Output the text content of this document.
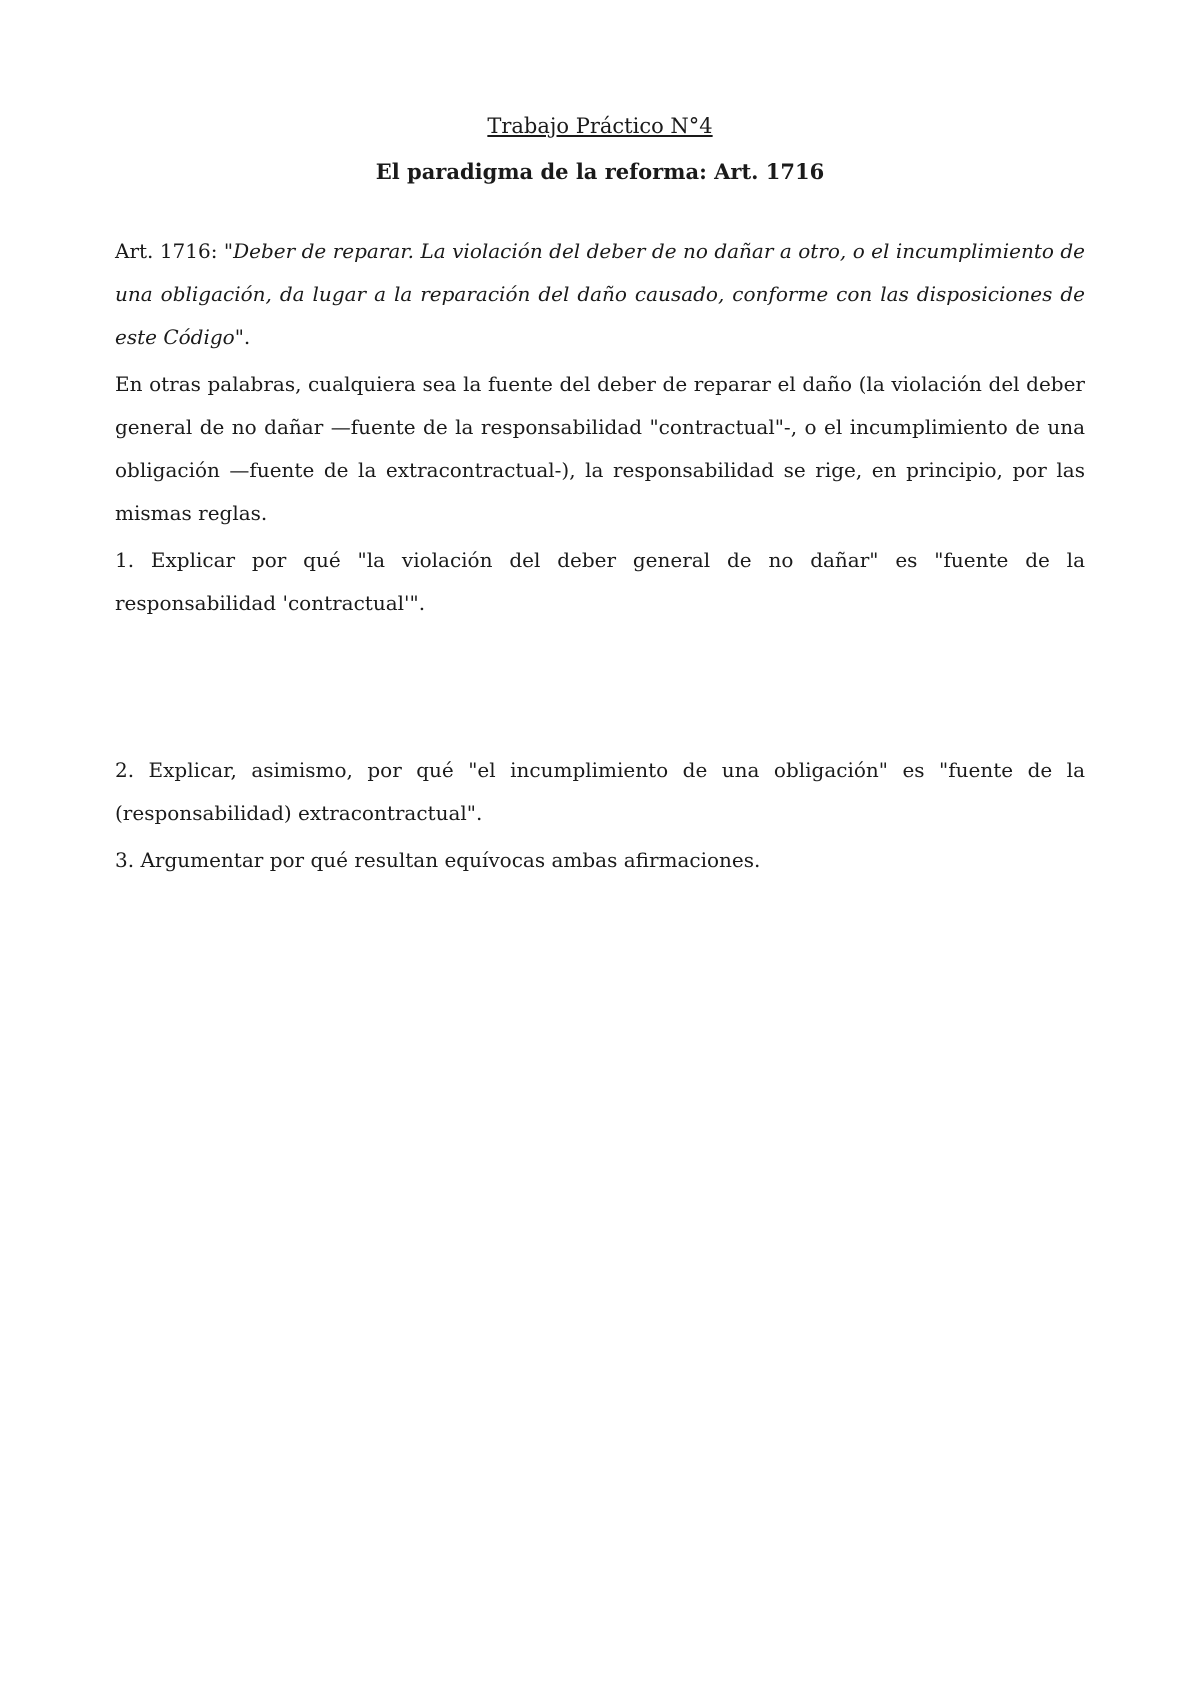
Trabajo Práctico N°4
El paradigma de la reforma: Art. 1716

Art. 1716: "Deber de reparar. La violación del deber de no dañar a otro, o el incumplimiento de una obligación, da lugar a la reparación del daño causado, conforme con las disposiciones de este Código".

En otras palabras, cualquiera sea la fuente del deber de reparar el daño (la violación del deber general de no dañar —fuente de la responsabilidad "contractual"-, o el incumplimiento de una obligación —fuente de la extracontractual-), la responsabilidad se rige, en principio, por las mismas reglas.

1. Explicar por qué "la violación del deber general de no dañar" es "fuente de la responsabilidad 'contractual'".

2. Explicar, asimismo, por qué "el incumplimiento de una obligación" es "fuente de la (responsabilidad) extracontractual".

3. Argumentar por qué resultan equívocas ambas afirmaciones.
